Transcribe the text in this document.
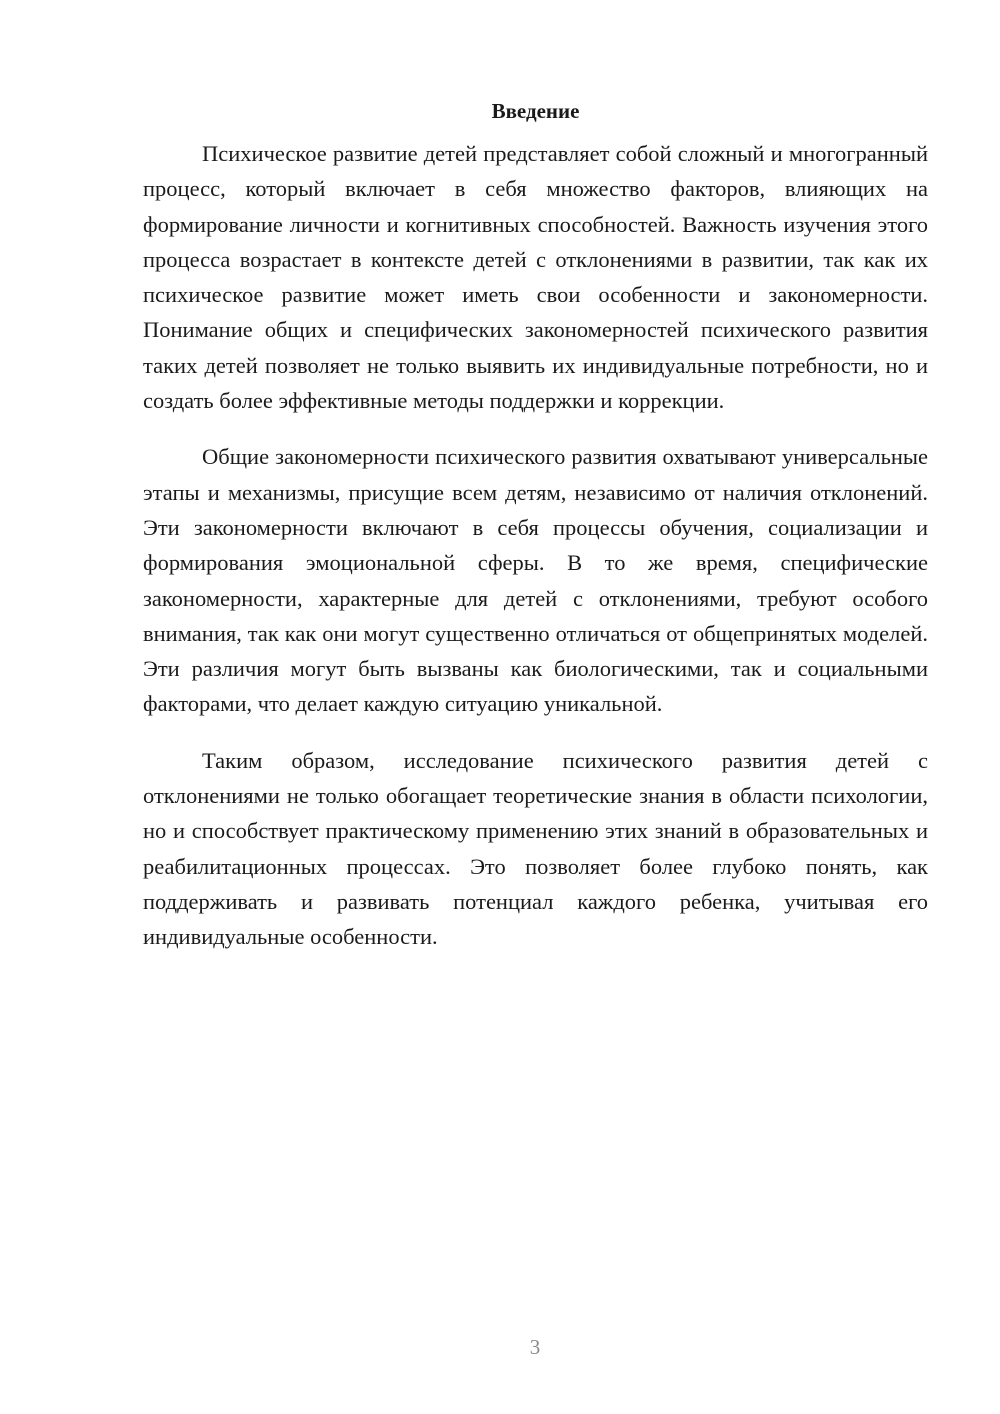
Введение

Психическое развитие детей представляет собой сложный и многогранный процесс, который включает в себя множество факторов, влияющих на формирование личности и когнитивных способностей. Важность изучения этого процесса возрастает в контексте детей с отклонениями в развитии, так как их психическое развитие может иметь свои особенности и закономерности. Понимание общих и специфических закономерностей психического развития таких детей позволяет не только выявить их индивидуальные потребности, но и создать более эффективные методы поддержки и коррекции.

Общие закономерности психического развития охватывают универсальные этапы и механизмы, присущие всем детям, независимо от наличия отклонений. Эти закономерности включают в себя процессы обучения, социализации и формирования эмоциональной сферы. В то же время, специфические закономерности, характерные для детей с отклонениями, требуют особого внимания, так как они могут существенно отличаться от общепринятых моделей. Эти различия могут быть вызваны как биологическими, так и социальными факторами, что делает каждую ситуацию уникальной.

Таким образом, исследование психического развития детей с отклонениями не только обогащает теоретические знания в области психологии, но и способствует практическому применению этих знаний в образовательных и реабилитационных процессах. Это позволяет более глубоко понять, как поддерживать и развивать потенциал каждого ребенка, учитывая его индивидуальные особенности.

3
